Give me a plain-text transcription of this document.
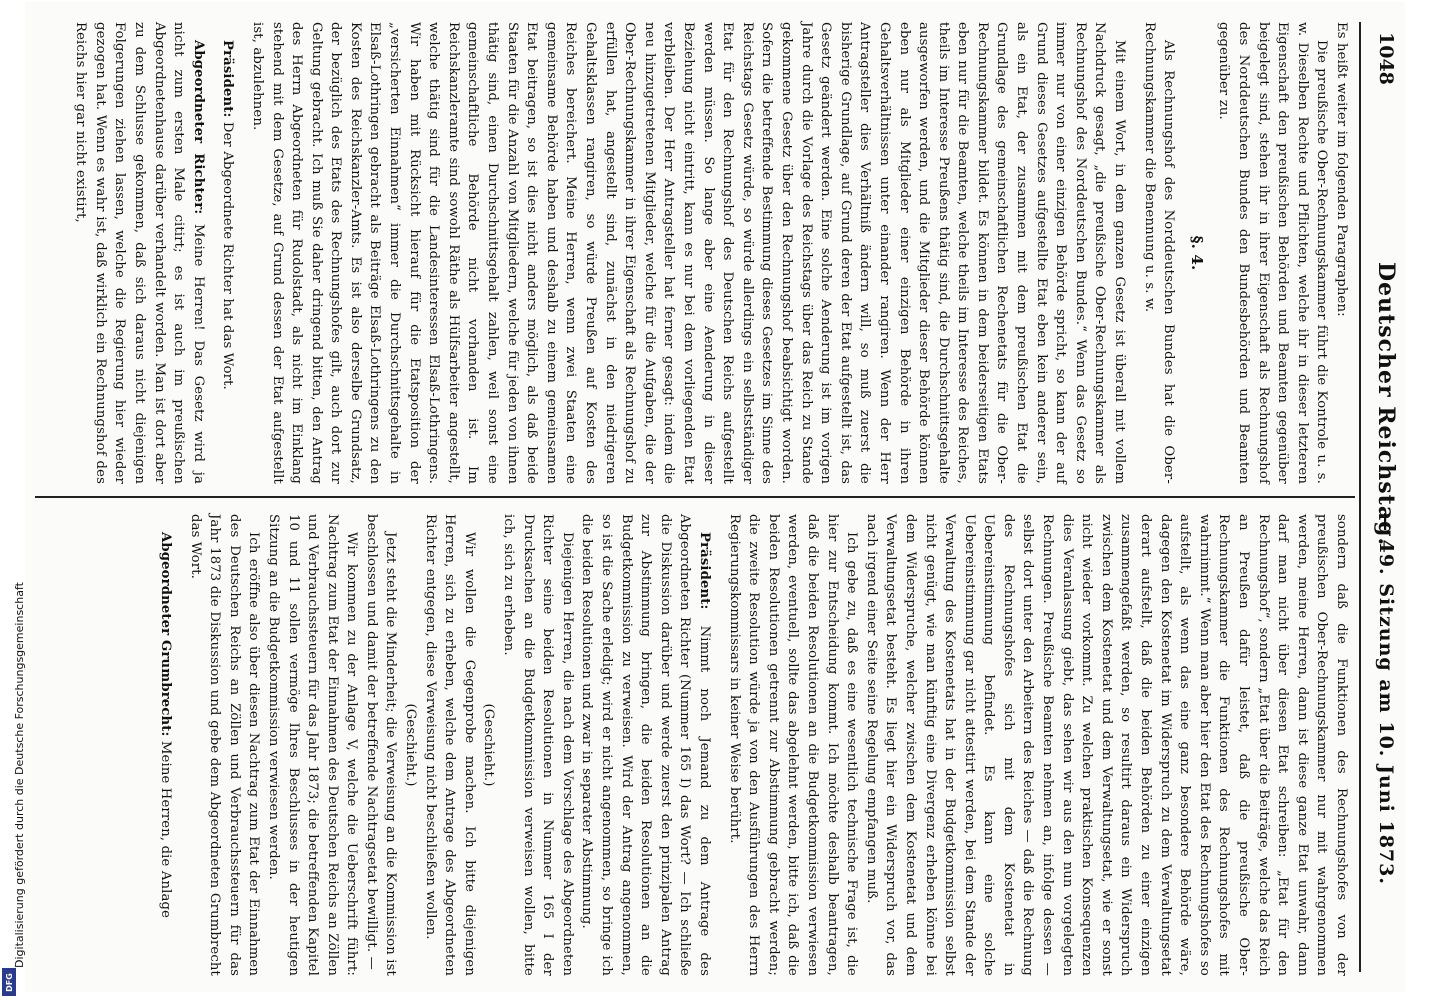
1048
Deutscher Reichstag.
— 49. Sitzung am 10. Juni 1873.

Es heißt weiter im folgenden Paragraphen:

Die preußische Ober-Rechnungskammer führt die Kontrole u. s. w. Dieselben Rechte und Pflichten, welche ihr in dieser letzteren Eigenschaft den preußischen Behörden und Beamten gegenüber beigelegt sind, stehen ihr in ihrer Eigenschaft als Rechnungshof des Norddeutschen Bundes den Bundesbehörden und Beamten gegenüber zu.

§. 4.

Als Rechnungshof des Norddeutschen Bundes hat die Ober-Rechnungskammer die Benennung u. s. w.

Mit einem Wort, in dem ganzen Gesetz ist überall mit vollem Nachdruck gesagt, „die preußische Ober-Rechnungskammer als Rechnungshof des Norddeutschen Bundes.“ Wenn das Gesetz so immer nur von einer einzigen Behörde spricht, so kann der auf Grund dieses Gesetzes aufgestellte Etat eben kein anderer sein, als ein Etat, der zusammen mit dem preußischen Etat die Grundlage des gemeinschaftlichen Rechenetats für die Ober-Rechnungskammer bildet. Es können in dem beiderseitigen Etats eben nur für die Beamten, welche theils im Interesse des Reiches, theils im Interesse Preußens thätig sind, die Durchschnittsgehalte ausgeworfen werden, und die Mitglieder dieser Behörde können eben nur als Mitglieder einer einzigen Behörde in ihren Gehaltsverhältnissen unter einander rangiren. Wenn der Herr Antragsteller dies Verhältniß ändern will, so muß zuerst die bisherige Grundlage, auf Grund deren der Etat aufgestellt ist, das Gesetz geändert werden. Eine solche Aenderung ist im vorigen Jahre durch die Vorlage des Reichstags über das Reich zu Stande gekommene Gesetz über den Rechnungshof beabsichtigt worden. Sofern die betreffende Bestimmung dieses Gesetzes im Sinne des Reichstags Gesetz würde, so würde allerdings ein selbstständiger Etat für den Rechnungshof des Deutschen Reichs aufgestellt werden müssen. So lange aber eine Aenderung in dieser Beziehung nicht eintritt, kann es nur bei dem vorliegenden Etat verbleiben. Der Herr Antragsteller hat ferner gesagt: indem die neu hinzugetretenen Mitglieder, welche für die Aufgaben, die der Ober-Rechnungskammer in ihrer Eigenschaft als Rechnungshof zu erfüllen hat, angestellt sind, zunächst in den niedrigeren Gehaltsklassen rangiren, so würde Preußen auf Kosten des Reiches bereichert. Meine Herren, wenn zwei Staaten eine gemeinsame Behörde haben und deshalb zu einem gemeinsamen Etat beitragen, so ist dies nicht anders möglich, als daß beide Staaten für die Anzahl von Mitgliedern, welche für jeden von ihnen thätig sind, einen Durchschnittsgehalt zahlen, weil sonst eine gemeinschaftliche Behörde nicht vorhanden ist. Im Reichskanzleramte sind sowohl Räthe als Hülfsarbeiter angestellt, welche thätig sind für die Landesinteressen Elsaß-Lothringens. Wir haben mit Rücksicht hierauf für die Etatsposition der „versicherten Einnahmen“ immer die Durchschnittsgehalte in Elsaß-Lothringen gebracht als Beiträge Elsaß-Lothringens zu den Kosten des Reichskanzler-Amts. Es ist also derselbe Grundsatz, der bezüglich des Etats des Rechnungshofes gilt, auch dort zur Geltung gebracht. Ich muß Sie daher dringend bitten, den Antrag des Herrn Abgeordneten für Rudolstadt, als nicht im Einklang stehend mit dem Gesetze, auf Grund dessen der Etat aufgestellt ist, abzulehnen.

Präsident: Der Abgeordnete Richter hat das Wort.

Abgeordneter Richter: Meine Herren! Das Gesetz wird ja nicht zum ersten Male citirt; es ist auch im preußischen Abgeordnetenhause darüber verhandelt worden. Man ist dort aber zu dem Schlusse gekommen, daß sich daraus nicht diejenigen Folgerungen ziehen lassen, welche die Regierung hier wieder gezogen hat. Wenn es wahr ist, daß wirklich ein Rechnungshof des Reichs hier gar nicht existirt,

sondern daß die Funktionen des Rechnungshofes von der preußischen Ober-Rechnungskammer nur mit wahrgenommen werden, meine Herren, dann ist diese ganze Etat unwahr, dann darf man nicht über diesen Etat schreiben: „Etat für den Rechnungshof“, sondern „Etat über die Beiträge, welche das Reich an Preußen dafür leistet, daß die preußische Ober-Rechnungskammer die Funktionen des Rechnungshofes mit wahrnimmt.“ Wenn man aber hier den Etat des Rechnungshofes so aufstellt, als wenn das eine ganz besondere Behörde wäre, dagegen den Kostenetat im Widerspruch zu dem Verwaltungsetat derart aufstellt, daß die beiden Behörden zu einer einzigen zusammengefaßt werden, so resultirt daraus ein Widerspruch zwischen dem Kostenetat und dem Verwaltungsetat, wie er sonst nicht wieder vorkommt. Zu welchen praktischen Konsequenzen dies Veranlassung giebt, das sehen wir aus den nun vorgelegten Rechnungen. Preußische Beamten nehmen an, infolge dessen — selbst dort unter den Arbeitern des Reiches — daß die Rechnung des Rechnungshofes sich mit dem Kostenetat in Uebereinstimmung befindet. Es kann eine solche Uebereinstimmung gar nicht attestirt werden, bei dem Stande der Verwaltung des Kostenetats hat in der Budgetkommission selbst nicht genügt, wie man künftig eine Divergenz erheben könne bei dem Widerspruche, welcher zwischen dem Kostenetat und dem Verwaltungsetat besteht. Es liegt hier ein Widerspruch vor, das nach irgend einer Seite seine Regelung empfangen muß.

Ich gebe zu, daß es eine wesentlich technische Frage ist, die hier zur Entscheidung kommt. Ich möchte deshalb beantragen, daß die beiden Resolutionen an die Budgetkommission verwiesen werden, eventuell, sollte das abgelehnt werden, bitte ich, daß die beiden Resolutionen getrennt zur Abstimmung gebracht werden; die zweite Resolution würde ja von den Ausführungen des Herrn Regierungskommissars in keiner Weise berührt.

Präsident: Nimmt noch Jemand zu dem Antrage des Abgeordneten Richter (Nummer 165 I) das Wort? — Ich schließe die Diskussion darüber und werde zuerst den prinzipalen Antrag zur Abstimmung bringen, die beiden Resolutionen an die Budgetkommission zu verweisen. Wird der Antrag angenommen, so ist die Sache erledigt; wird er nicht angenommen, so bringe ich die beiden Resolutionen und zwar in separater Abstimmung.

Diejenigen Herren, die nach dem Vorschlage des Abgeordneten Richter seine beiden Resolutionen in Nummer 165 I der Drucksachen an die Budgetkommission verweisen wollen, bitte ich, sich zu erheben.

(Geschieht.)

Wir wollen die Gegenprobe machen. Ich bitte diejenigen Herren, sich zu erheben, welche dem Antrage des Abgeordneten Richter entgegen, diese Verweisung nicht beschließen wollen.

(Geschieht.)

Jetzt steht die Minderheit; die Verweisung an die Kommission ist beschlossen und damit der betreffende Nachtragsetat bewilligt. —

Wir kommen zu der Anlage V, welche die Ueberschrift führt: Nachtrag zum Etat der Einnahmen des Deutschen Reichs an Zöllen und Verbrauchssteuern für das Jahr 1873; die betreffenden Kapitel 10 und 11 sollen vermöge Ihres Beschlusses in der heutigen Sitzung an die Budgetkommission verwiesen werden.

Ich eröffne also über diesen Nachtrag zum Etat der Einnahmen des Deutschen Reichs an Zöllen und Verbrauchssteuern für das Jahr 1873 die Diskussion und gebe dem Abgeordneten Grumbrecht das Wort.

Abgeordneter Grumbrecht: Meine Herren, die Anlage

Digitalisierung gefördert durch die Deutsche Forschungsgemeinschaft
DFG
